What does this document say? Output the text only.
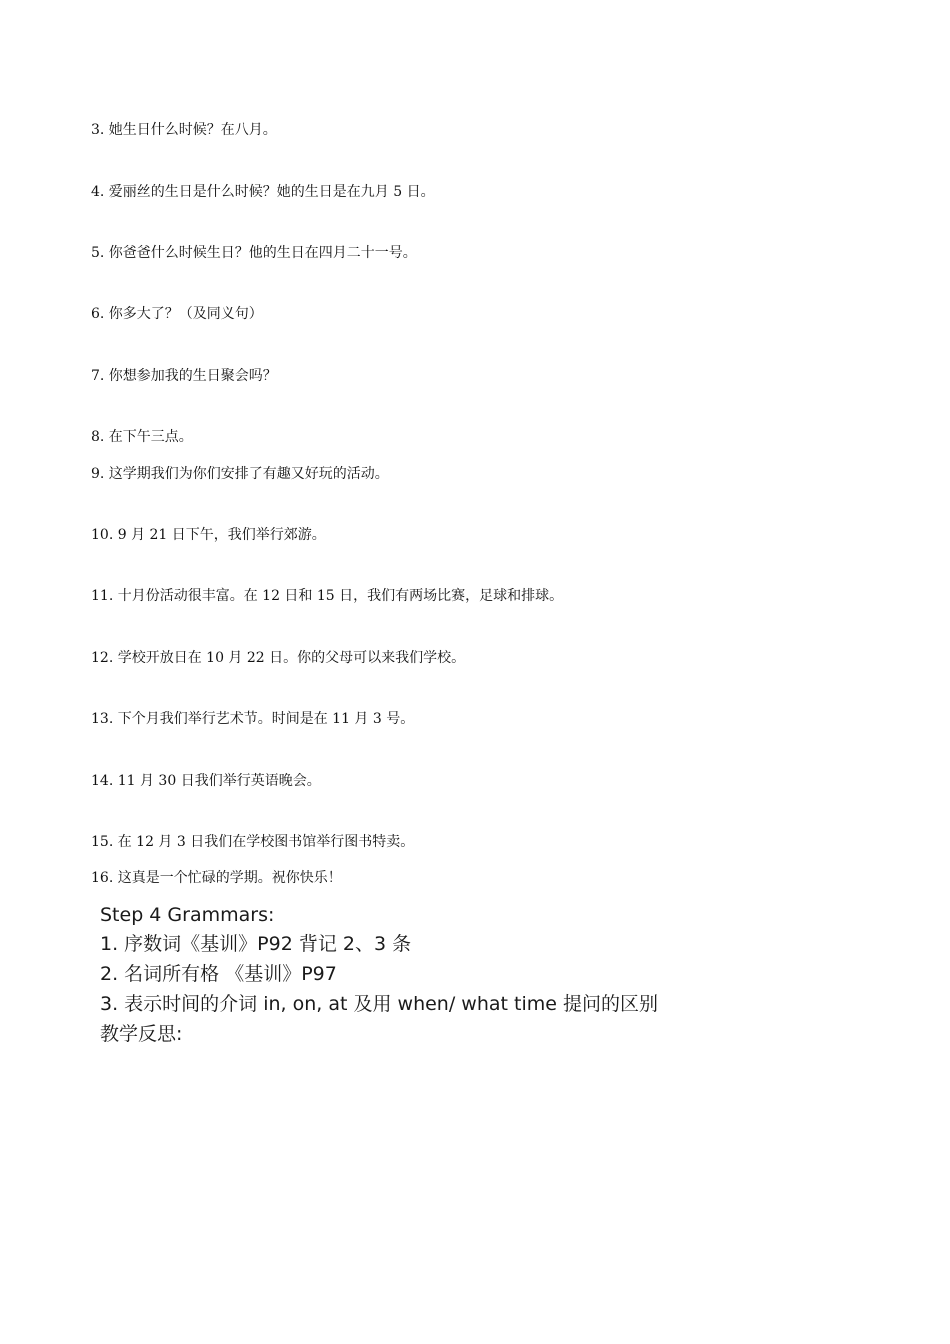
3. 她生日什么时候？在八月。
4. 爱丽丝的生日是什么时候？她的生日是在九月 5 日。
5. 你爸爸什么时候生日？他的生日在四月二十一号。
6. 你多大了？（及同义句）
7. 你想参加我的生日聚会吗？
8. 在下午三点。
9. 这学期我们为你们安排了有趣又好玩的活动。
10. 9 月 21 日下午，我们举行郊游。
11. 十月份活动很丰富。在 12 日和 15 日，我们有两场比赛，足球和排球。
12. 学校开放日在 10 月 22 日。你的父母可以来我们学校。
13. 下个月我们举行艺术节。时间是在 11 月 3 号。
14. 11 月 30 日我们举行英语晚会。
15. 在 12 月 3 日我们在学校图书馆举行图书特卖。
16. 这真是一个忙碌的学期。祝你快乐！
Step 4 Grammars:
1. 序数词《基训》P92 背记 2、3 条
2. 名词所有格 《基训》P97
3. 表示时间的介词 in, on, at 及用 when/ what time 提问的区别
教学反思:
